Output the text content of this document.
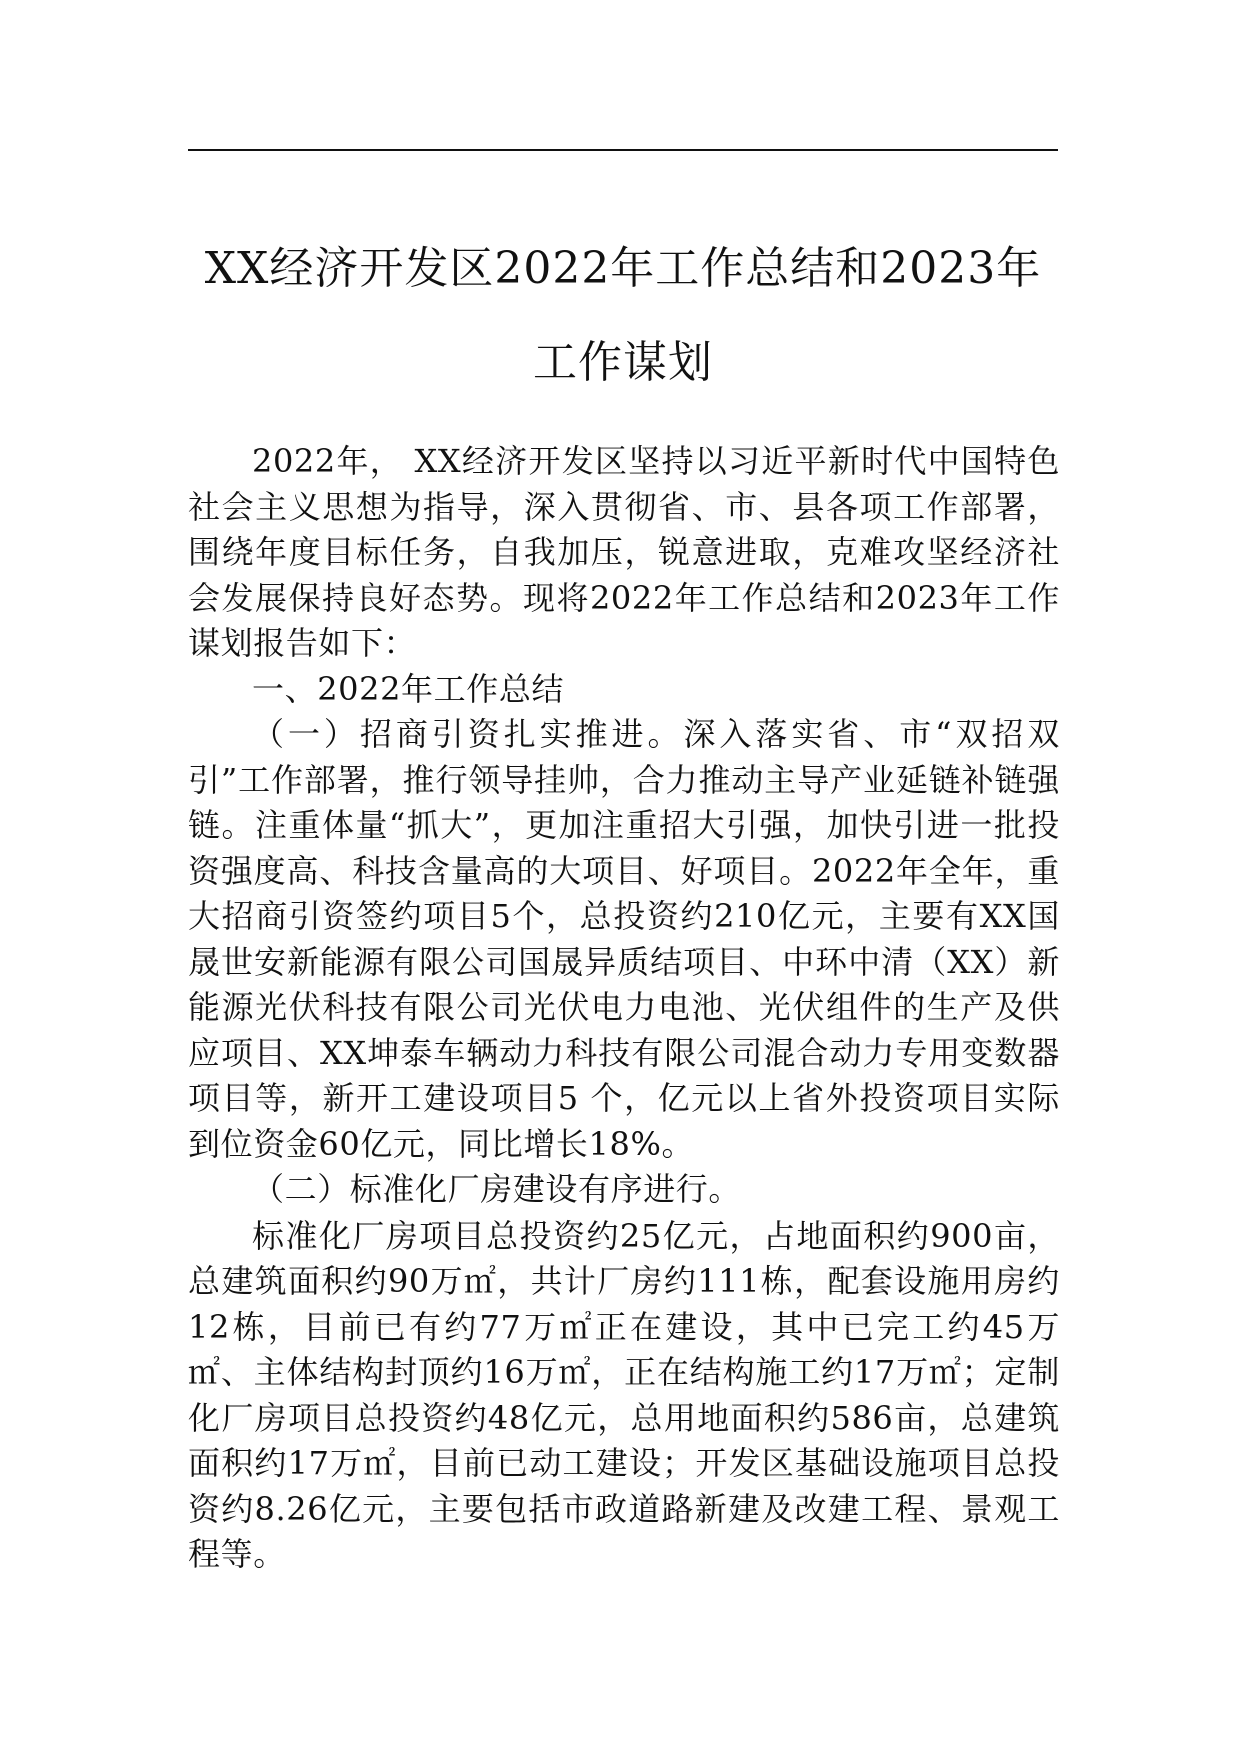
XX经济开发区2022年工作总结和2023年
工作谋划

2022年， XX经济开发区坚持以习近平新时代中国特色社会主义思想为指导，深入贯彻省、市、县各项工作部署，围绕年度目标任务，自我加压，锐意进取，克难攻坚经济社会发展保持良好态势。现将2022年工作总结和2023年工作谋划报告如下：

一、2022年工作总结

（一）招商引资扎实推进。深入落实省、市“双招双引”工作部署，推行领导挂帅，合力推动主导产业延链补链强链。注重体量“抓大”，更加注重招大引强，加快引进一批投资强度高、科技含量高的大项目、好项目。2022年全年，重大招商引资签约项目5个，总投资约210亿元，主要有XX国晟世安新能源有限公司国晟异质结项目、中环中清（XX）新能源光伏科技有限公司光伏电力电池、光伏组件的生产及供应项目、XX坤泰车辆动力科技有限公司混合动力专用变数器项目等，新开工建设项目5 个，亿元以上省外投资项目实际到位资金60亿元，同比增长18%。

（二）标准化厂房建设有序进行。

标准化厂房项目总投资约25亿元，占地面积约900亩，总建筑面积约90万㎡，共计厂房约111栋，配套设施用房约12栋，目前已有约77万㎡正在建设，其中已完工约45万㎡、主体结构封顶约16万㎡，正在结构施工约17万㎡；定制化厂房项目总投资约48亿元，总用地面积约586亩，总建筑面积约17万㎡，目前已动工建设；开发区基础设施项目总投资约8.26亿元，主要包括市政道路新建及改建工程、景观工程等。
